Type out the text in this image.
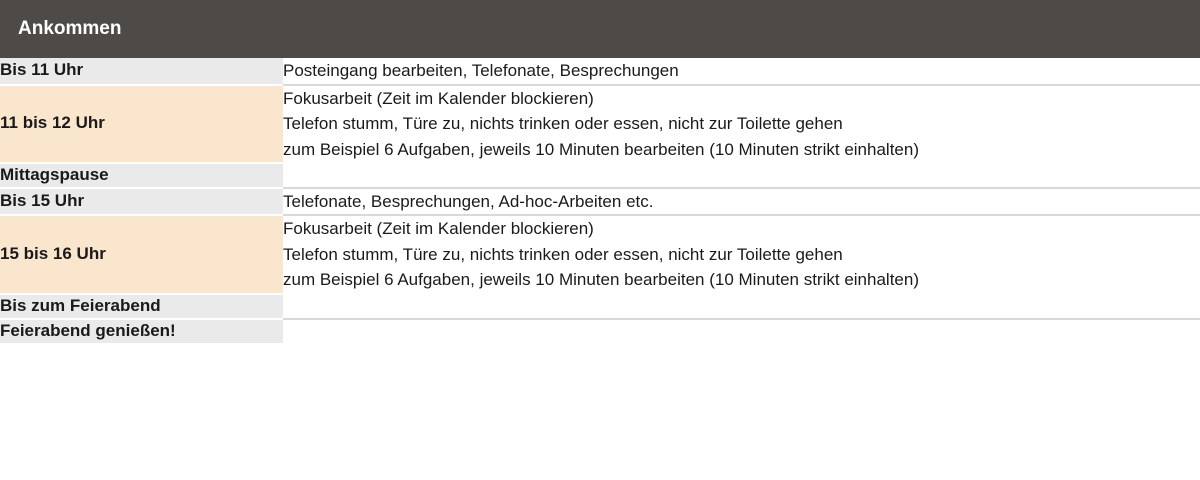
Ankommen	
Bis 11 Uhr	Posteingang bearbeiten, Telefonate, Besprechungen

11 bis 12 Uhr	Fokusarbeit (Zeit im Kalender blockieren)
Telefon stumm, Türe zu, nichts trinken oder essen, nicht zur Toilette gehen
zum Beispiel 6 Aufgaben, jeweils 10 Minuten bearbeiten (10 Minuten strikt einhalten)

Mittagspause	

Bis 15 Uhr	Telefonate, Besprechungen, Ad-hoc-Arbeiten etc.

15 bis 16 Uhr	Fokusarbeit (Zeit im Kalender blockieren)
Telefon stumm, Türe zu, nichts trinken oder essen, nicht zur Toilette gehen
zum Beispiel 6 Aufgaben, jeweils 10 Minuten bearbeiten (10 Minuten strikt einhalten)

Bis zum Feierabend	

Feierabend genießen!	
